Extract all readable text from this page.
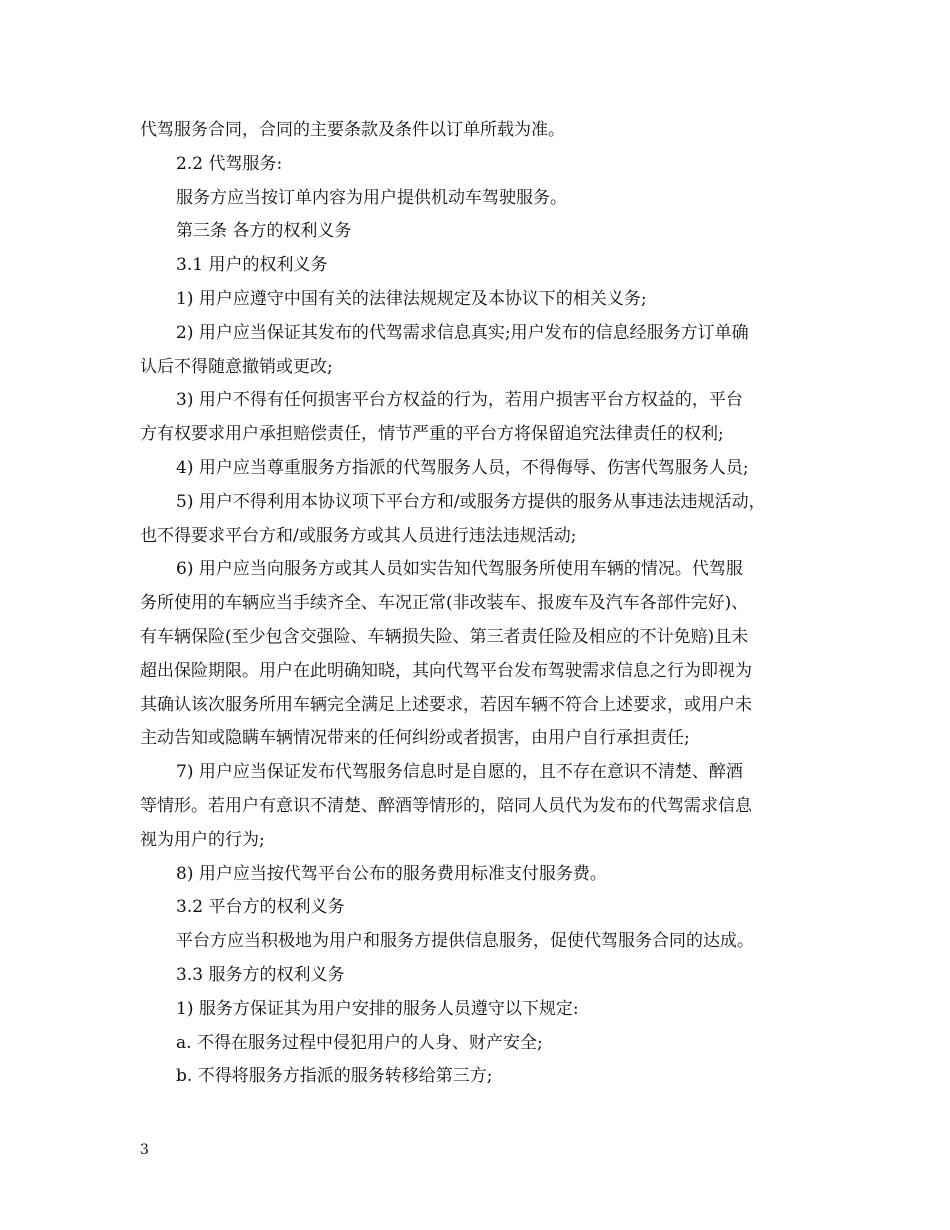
代驾服务合同，合同的主要条款及条件以订单所载为准。
2.2 代驾服务:
服务方应当按订单内容为用户提供机动车驾驶服务。
第三条 各方的权利义务
3.1 用户的权利义务
1) 用户应遵守中国有关的法律法规规定及本协议下的相关义务;
2) 用户应当保证其发布的代驾需求信息真实;用户发布的信息经服务方订单确
认后不得随意撤销或更改;
3) 用户不得有任何损害平台方权益的行为，若用户损害平台方权益的，平台
方有权要求用户承担赔偿责任，情节严重的平台方将保留追究法律责任的权利;
4) 用户应当尊重服务方指派的代驾服务人员，不得侮辱、伤害代驾服务人员;
5) 用户不得利用本协议项下平台方和/或服务方提供的服务从事违法违规活动，
也不得要求平台方和/或服务方或其人员进行违法违规活动;
6) 用户应当向服务方或其人员如实告知代驾服务所使用车辆的情况。代驾服
务所使用的车辆应当手续齐全、车况正常(非改装车、报废车及汽车各部件完好)、
有车辆保险(至少包含交强险、车辆损失险、第三者责任险及相应的不计免赔)且未
超出保险期限。用户在此明确知晓，其向代驾平台发布驾驶需求信息之行为即视为
其确认该次服务所用车辆完全满足上述要求，若因车辆不符合上述要求，或用户未
主动告知或隐瞒车辆情况带来的任何纠纷或者损害，由用户自行承担责任;
7) 用户应当保证发布代驾服务信息时是自愿的，且不存在意识不清楚、醉酒
等情形。若用户有意识不清楚、醉酒等情形的，陪同人员代为发布的代驾需求信息
视为用户的行为;
8) 用户应当按代驾平台公布的服务费用标准支付服务费。
3.2 平台方的权利义务
平台方应当积极地为用户和服务方提供信息服务，促使代驾服务合同的达成。
3.3 服务方的权利义务
1) 服务方保证其为用户安排的服务人员遵守以下规定:
a. 不得在服务过程中侵犯用户的人身、财产安全;
b. 不得将服务方指派的服务转移给第三方;
3
